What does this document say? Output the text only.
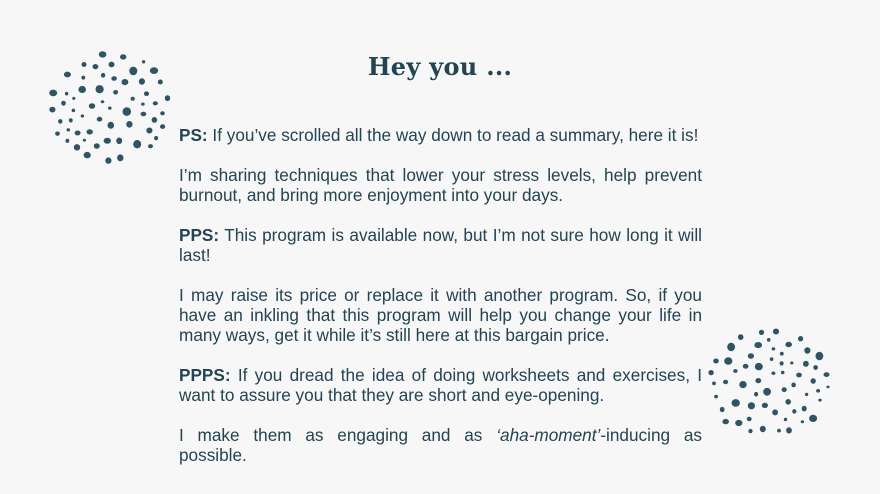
Hey you ...

PS: If you’ve scrolled all the way down to read a summary, here it is!

I’m sharing techniques that lower your stress levels, help prevent burnout, and bring more enjoyment into your days.

PPS: This program is available now, but I’m not sure how long it will last!

I may raise its price or replace it with another program. So, if you have an inkling that this program will help you change your life in many ways, get it while it’s still here at this bargain price.

PPPS: If you dread the idea of doing worksheets and exercises, I want to assure you that they are short and eye-opening.

I make them as engaging and as ‘aha-moment’-inducing as possible.
